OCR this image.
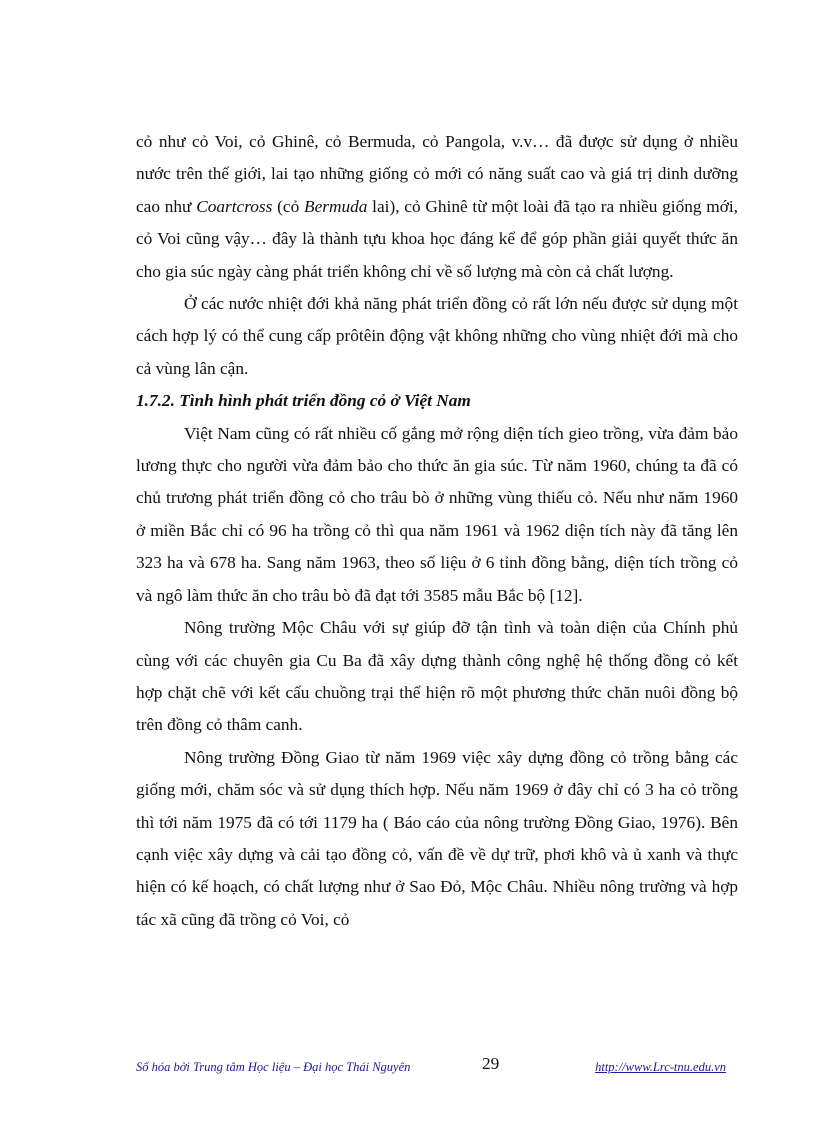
cỏ như cỏ Voi, cỏ Ghinê, cỏ Bermuda, cỏ Pangola, v.v… đã được sử dụng ở nhiều nước trên thế giới, lai tạo những giống cỏ mới có năng suất cao và giá trị dinh dưỡng cao như Coartcross (cỏ Bermuda lai), cỏ Ghinê từ một loài đã tạo ra nhiều giống mới, cỏ Voi cũng vậy… đây là thành tựu khoa học đáng kể để góp phần giải quyết thức ăn cho gia súc ngày càng phát triển không chỉ về số lượng mà còn cả chất lượng.

Ở các nước nhiệt đới khả năng phát triển đồng cỏ rất lớn nếu được sử dụng một cách hợp lý có thể cung cấp prôtêin động vật không những cho vùng nhiệt đới mà cho cả vùng lân cận.

1.7.2. Tình hình phát triển đồng cỏ ở Việt Nam

Việt Nam cũng có rất nhiều cố gắng mở rộng diện tích gieo trồng, vừa đảm bảo lương thực cho người vừa đảm bảo cho thức ăn gia súc. Từ năm 1960, chúng ta đã có chủ trương phát triển đồng cỏ cho trâu bò ở những vùng thiếu cỏ. Nếu như năm 1960 ở miền Bắc chỉ có 96 ha trồng cỏ thì qua năm 1961 và 1962 diện tích này đã tăng lên 323 ha và 678 ha. Sang năm 1963, theo số liệu ở 6 tỉnh đồng bằng, diện tích trồng cỏ và ngô làm thức ăn cho trâu bò đã đạt tới 3585 mẫu Bắc bộ [12].

Nông trường Mộc Châu với sự giúp đỡ tận tình và toàn diện của Chính phủ cùng với các chuyên gia Cu Ba đã xây dựng thành công nghệ hệ thống đồng cỏ kết hợp chặt chẽ với kết cấu chuồng trại thể hiện rõ một phương thức chăn nuôi đồng bộ trên đồng cỏ thâm canh.

Nông trường Đồng Giao từ năm 1969 việc xây dựng đồng cỏ trồng bằng các giống mới, chăm sóc và sử dụng thích hợp. Nếu năm 1969 ở đây chỉ có 3 ha cỏ trồng thì tới năm 1975 đã có tới 1179 ha ( Báo cáo của nông trường Đồng Giao, 1976). Bên cạnh việc xây dựng và cải tạo đồng cỏ, vấn đề về dự trữ, phơi khô và ủ xanh và thực hiện có kế hoạch, có chất lượng như ở Sao Đỏ, Mộc Châu. Nhiều nông trường và hợp tác xã cũng đã trồng cỏ Voi, cỏ

Số hóa bởi Trung tâm Học liệu – Đại học Thái Nguyên	29	http://www.Lrc-tnu.edu.vn
